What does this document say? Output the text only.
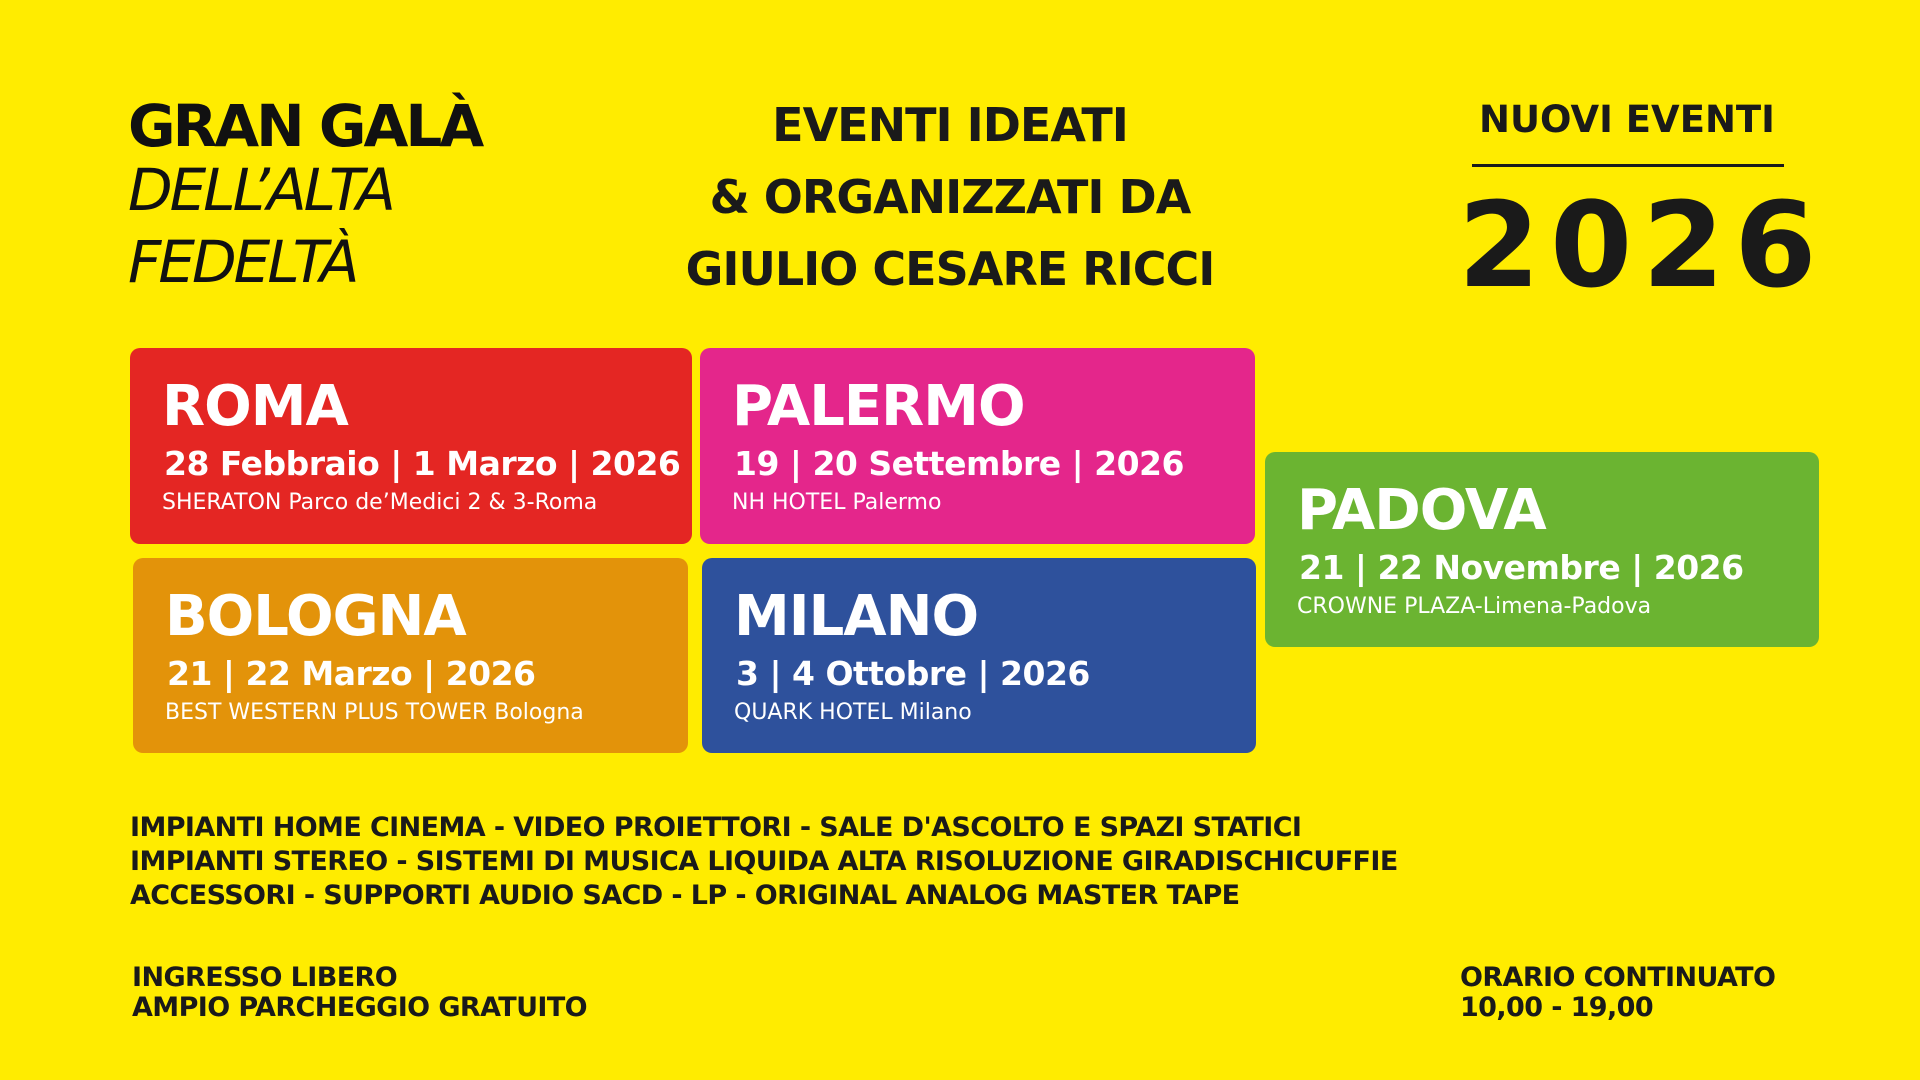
GRAN GALÀ
DELL’ALTA
FEDELTÀ
EVENTI IDEATI
& ORGANIZZATI DA
GIULIO CESARE RICCI
NUOVI EVENTI
2026
ROMA
28 Febbraio | 1 Marzo | 2026
SHERATON Parco de’Medici 2 & 3-Roma
PALERMO
19 | 20 Settembre | 2026
NH HOTEL Palermo
BOLOGNA
21 | 22 Marzo | 2026
BEST WESTERN PLUS TOWER Bologna
MILANO
3 | 4 Ottobre | 2026
QUARK HOTEL Milano
PADOVA
21 | 22 Novembre | 2026
CROWNE PLAZA-Limena-Padova
IMPIANTI HOME CINEMA - VIDEO PROIETTORI - SALE D'ASCOLTO E SPAZI STATICI
IMPIANTI STEREO - SISTEMI DI MUSICA LIQUIDA ALTA RISOLUZIONE GIRADISCHICUFFIE
ACCESSORI - SUPPORTI AUDIO SACD - LP - ORIGINAL ANALOG MASTER TAPE
INGRESSO LIBERO
AMPIO PARCHEGGIO GRATUITO
ORARIO CONTINUATO
10,00 - 19,00
